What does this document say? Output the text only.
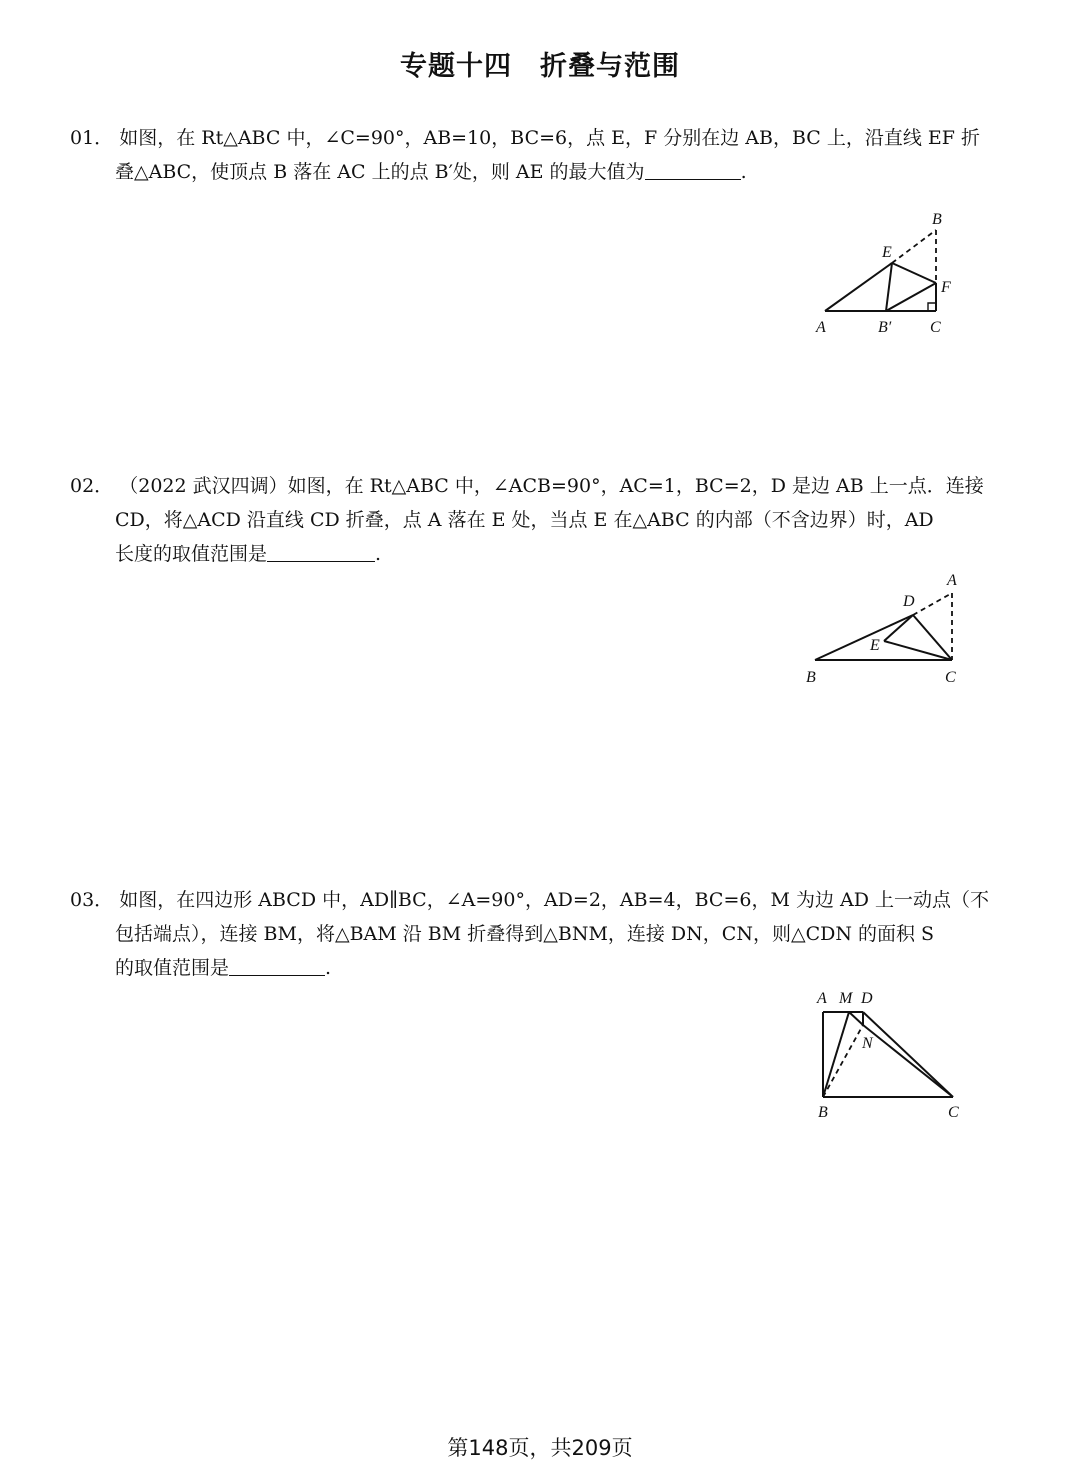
专题十四　折叠与范围
01． 如图，在 Rt△ABC 中，∠C=90°，AB=10，BC=6，点 E，F 分别在边 AB，BC 上，沿直线 EF 折
叠△ABC，使顶点 B 落在 AC 上的点 B′处，则 AE 的最大值为	.
B
E
F
A	B′ C
02． （2022 武汉四调）如图，在 Rt△ABC 中，∠ACB=90°，AC=1，BC=2，D 是边 AB 上一点．连接
CD，将△ACD 沿直线 CD 折叠，点 A 落在 E 处，当点 E 在△ABC 的内部（不含边界）时，AD
长度的取值范围是	.
A
D
E
B	C
03． 如图，在四边形 ABCD 中，AD∥BC，∠A=90°，AD=2，AB=4，BC=6，M 为边 AD 上一动点（不
包括端点），连接 BM，将△BAM 沿 BM 折叠得到△BNM，连接 DN，CN，则△CDN 的面积 S
的取值范围是	.
A M D
N
B	C
第148页，共209页
